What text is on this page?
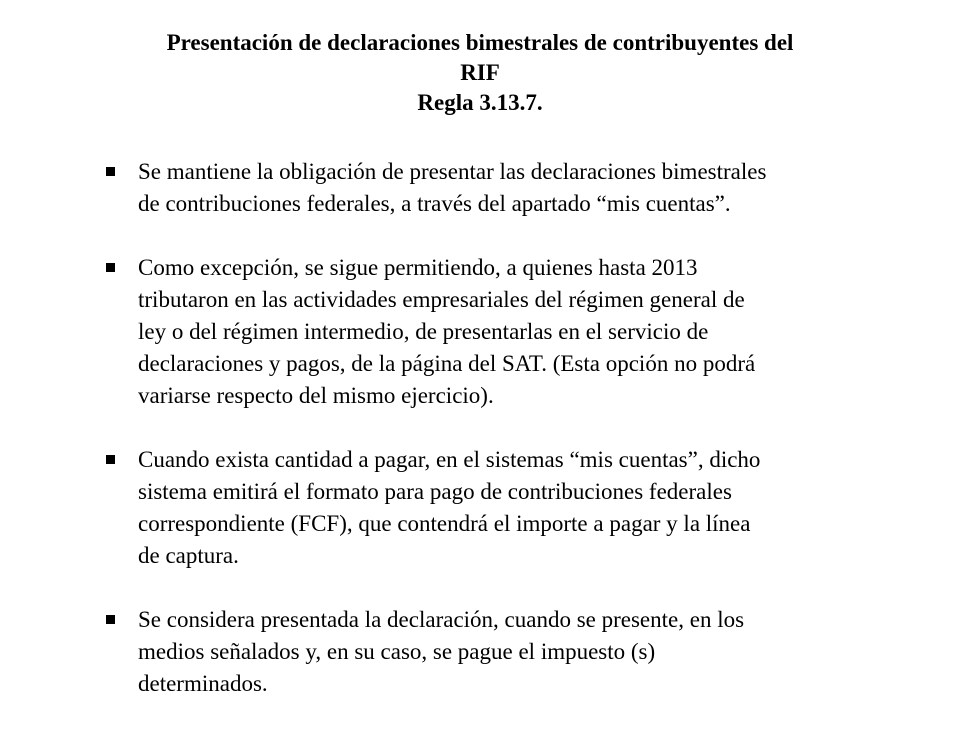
Presentación de declaraciones bimestrales de contribuyentes del
RIF
Regla 3.13.7.
Se mantiene la obligación de presentar las declaraciones bimestrales
de contribuciones federales, a través del apartado “mis cuentas”.
Como excepción, se sigue permitiendo, a quienes hasta 2013
tributaron en las actividades empresariales del régimen general de
ley o del régimen intermedio, de presentarlas en el servicio de
declaraciones y pagos, de la página del SAT. (Esta opción no podrá
variarse respecto del mismo ejercicio).
Cuando exista cantidad a pagar, en el sistemas “mis cuentas”, dicho
sistema emitirá el formato para pago de contribuciones federales
correspondiente (FCF), que contendrá el importe a pagar y la línea
de captura.
Se considera presentada la declaración, cuando se presente, en los
medios señalados y, en su caso, se pague el impuesto (s)
determinados.
